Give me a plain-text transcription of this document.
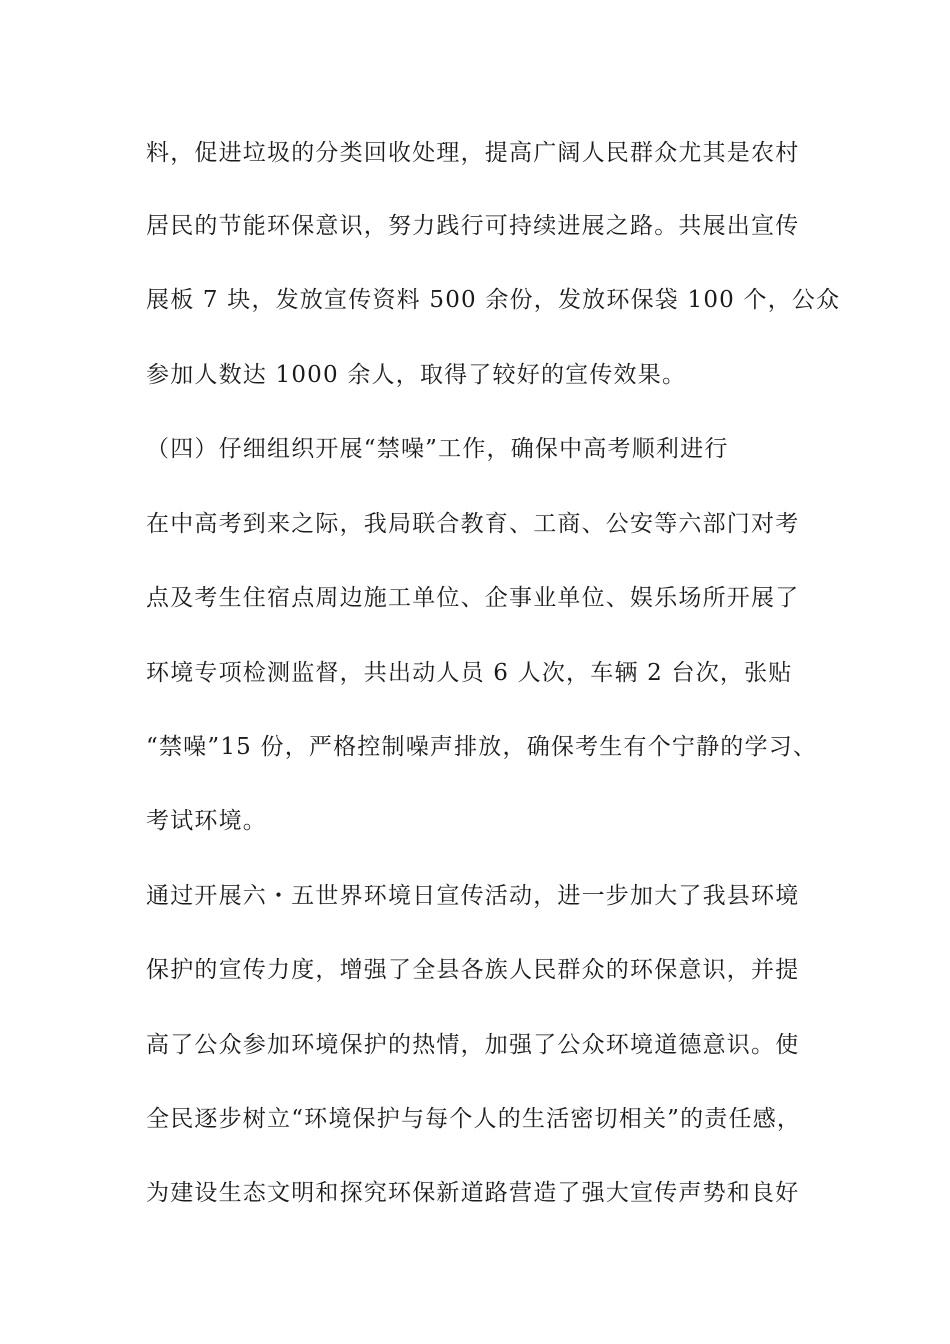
料，促进垃圾的分类回收处理，提高广阔人民群众尤其是农村
居民的节能环保意识，努力践行可持续进展之路。共展出宣传
展板 7 块，发放宣传资料 500 余份，发放环保袋 100 个，公众
参加人数达 1000 余人，取得了较好的宣传效果。
（四）仔细组织开展“禁噪”工作，确保中高考顺利进行
在中高考到来之际，我局联合教育、工商、公安等六部门对考
点及考生住宿点周边施工单位、企事业单位、娱乐场所开展了
环境专项检测监督，共出动人员 6 人次，车辆 2 台次，张贴
“禁噪”15 份，严格控制噪声排放，确保考生有个宁静的学习、
考试环境。
通过开展六・五世界环境日宣传活动，进一步加大了我县环境
保护的宣传力度，增强了全县各族人民群众的环保意识，并提
高了公众参加环境保护的热情，加强了公众环境道德意识。使
全民逐步树立“环境保护与每个人的生活密切相关”的责任感，
为建设生态文明和探究环保新道路营造了强大宣传声势和良好
